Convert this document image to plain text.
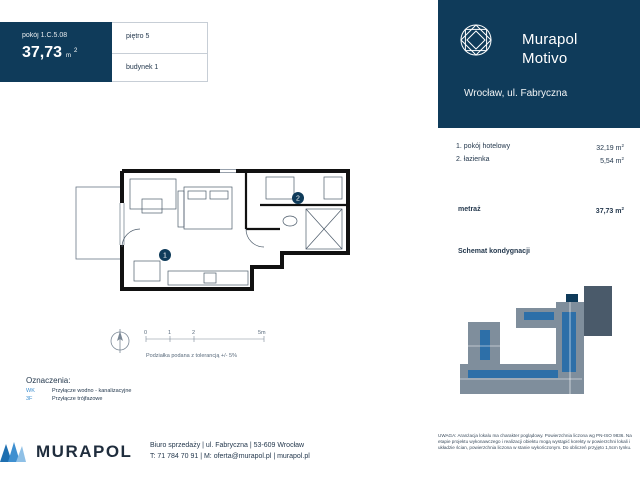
pokój 1.C.5.08
37,73 $m^2$
piętro 5
budynek 1
Murapol
Motivo
Wrocław, ul. Fabryczna
1. pokój hotelowy	32,19 $m^2$
2. łazienka	5,54 $m^2$
metraż	37,73 $m^2$
Schemat kondygnacji
1
2
0	1	2	5m
Podziałka podana z tolerancją +/- 5%
Oznaczenia:
WK	Przyłącze wodno - kanalizacyjne
3F	Przyłącze trójfazowe
MURAPOL	Biuro sprzedaży | ul. Fabryczna | 53-609 Wrocław
T: 71 784 70 91 | M: oferta@murapol.pl | murapol.pl
UWAGA: Aranżacja lokalu ma charakter poglądowy. Powierzchnia liczona wg PN-ISO 9836. Na etapie projektu wykonawczego i realizacji obiektu mogą wystąpić korekty w powierzchni lokali i układzie ścian, powierzchnia liczona w stanie wykończonym. Do obliczeń przyjęto 1,5cm tynku.
